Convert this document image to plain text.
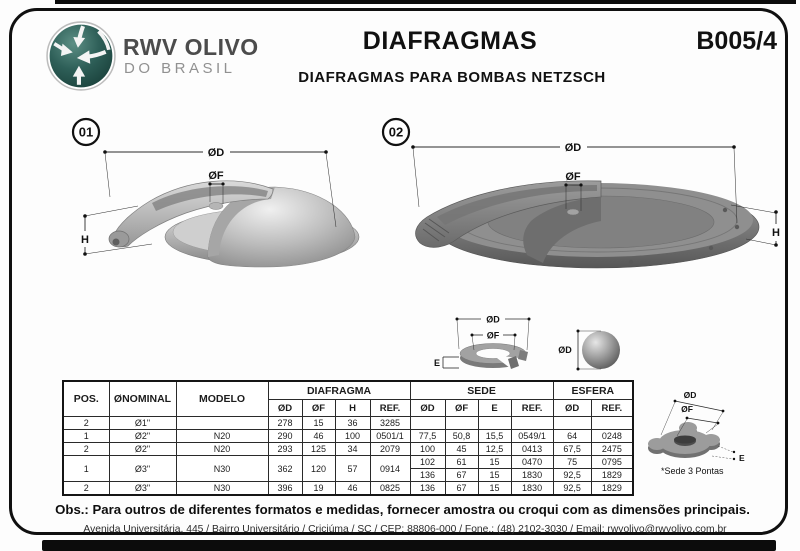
RWV OLIVO
DO BRASIL
DIAFRAGMAS	B005/4
DIAFRAGMAS PARA BOMBAS NETZSCH
01
ØD
ØF
H
02
ØD
ØF
H
ØD
ØF
E
ØD
ØD
ØF
E
*Sede 3 Pontas
POS.	ØNOMINAL	MODELO	DIAFRAGMA				SEDE				ESFERA	
			ØD	ØF	H	REF.	ØD	ØF	E	REF.	ØD	REF.
2	Ø1"		278	15	36	3285						
1	Ø2"	N20	290	46	100	0501/1	77,5	50,8	15,5	0549/1	64	0248
2	Ø2"	N20	293	125	34	2079	100	45	12,5	0413	67,5	2475
1	Ø3"	N30	362	120	57	0914	102	61	15	0470	75	0795
							136	67	15	1830	92,5	1829
2	Ø3"	N30	396	19	46	0825	136	67	15	1830	92,5	1829
Obs.: Para outros de diferentes formatos e medidas, fornecer amostra ou croqui com as dimensões principais.
Avenida Universitária, 445 / Bairro Universitário / Criciúma / SC / CEP: 88806-000 / Fone.: (48) 2102-3030 / Email: rwvolivo@rwvolivo.com.br
